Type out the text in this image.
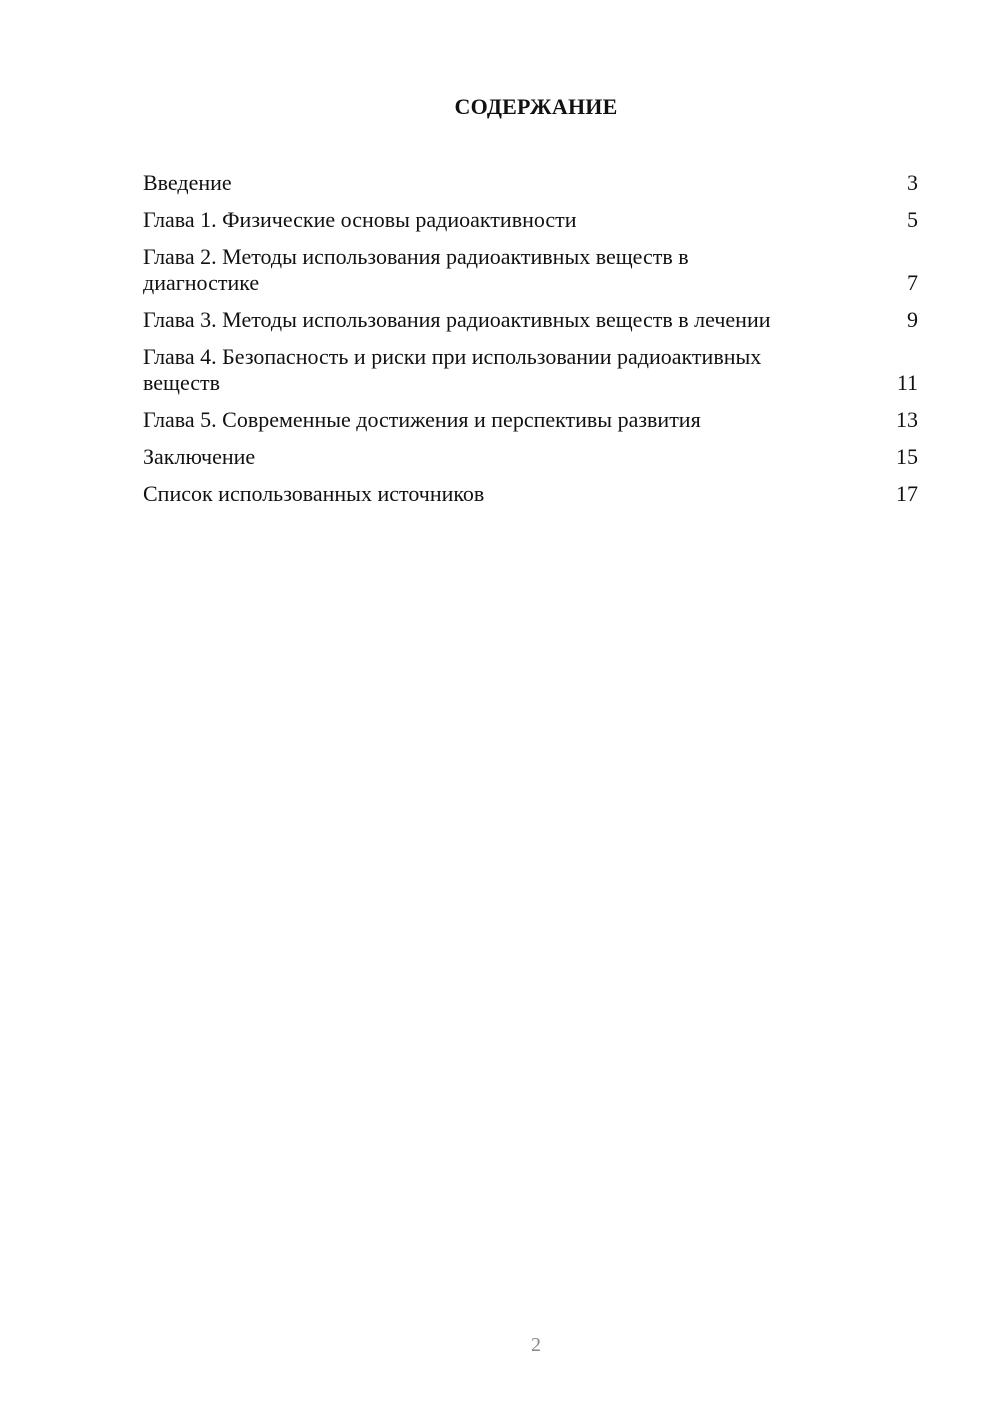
СОДЕРЖАНИЕ
Введение	3
Глава 1. Физические основы радиоактивности	5
Глава 2. Методы использования радиоактивных веществ в диагностике	7
Глава 3. Методы использования радиоактивных веществ в лечении	9
Глава 4. Безопасность и риски при использовании радиоактивных веществ	11
Глава 5. Современные достижения и перспективы развития	13
Заключение	15
Список использованных источников	17
2
